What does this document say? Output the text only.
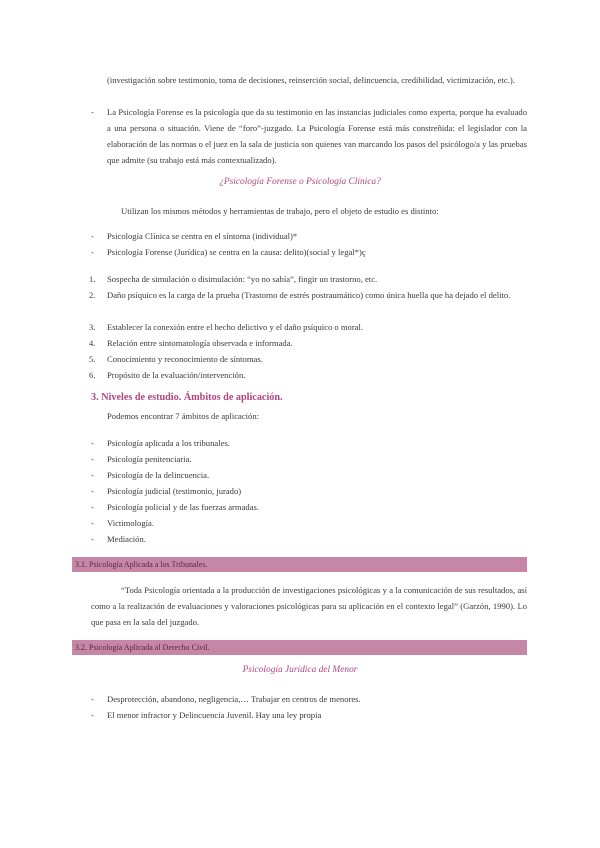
(investigación sobre testimonio, toma de decisiones, reinserción social, delincuencia, credibilidad, victimización, etc.).
- La Psicología Forense es la psicología que da su testimonio en las instancias judiciales como experta, porque ha evaluado a una persona o situación. Viene de “foro”-juzgado. La Psicología Forense está más constreñida: el legislador con la elaboración de las normas o el juez en la sala de justicia son quienes van marcando los pasos del psicólogo/a y las pruebas que admite (su trabajo está más contextualizado).
¿Psicología Forense o Psicología Clínica?
Utilizan los mismos métodos y herramientas de trabajo, pero el objeto de estudio es distinto:
- Psicología Clínica se centra en el síntoma (individual)*
- Psicología Forense (Jurídica) se centra en la causa: delito)(social y legal*)ç
1.	Sospecha de simulación o disimulación: “yo no sabía”, fingir un trastorno, etc.
2.	Daño psíquico es la carga de la prueba (Trastorno de estrés postraumático) como única huella que ha dejado el delito.
3.	Establecer la conexión entre el hecho delictivo y el daño psíquico o moral.
4.	Relación entre sintomatología observada e informada.
5.	Conocimiento y reconocimiento de síntomas.
6.	Propósito de la evaluación/intervención.
3. Niveles de estudio. Ámbitos de aplicación.
Podemos encontrar 7 ámbitos de aplicación:
- Psicología aplicada a los tribunales.
- Psicología penitenciaria.
- Psicología de la delincuencia.
- Psicología judicial (testimonio, jurado)
- Psicología policial y de las fuerzas armadas.
- Victimología.
- Mediación.
3.1. Psicología Aplicada a los Tribunales.
“Toda Psicología orientada a la producción de investigaciones psicológicas y a la comunicación de sus resultados, así como a la realización de evaluaciones y valoraciones psicológicas para su aplicación en el contexto legal” (Garzón, 1990). Lo que pasa en la sala del juzgado.
3.2. Psicología Aplicada al Derecho Civil.
Psicología Jurídica del Menor
- Desprotección, abandono, negligencia,… Trabajar en centros de menores.
- El menor infractor y Delincuencia Juvenil. Hay una ley propia
